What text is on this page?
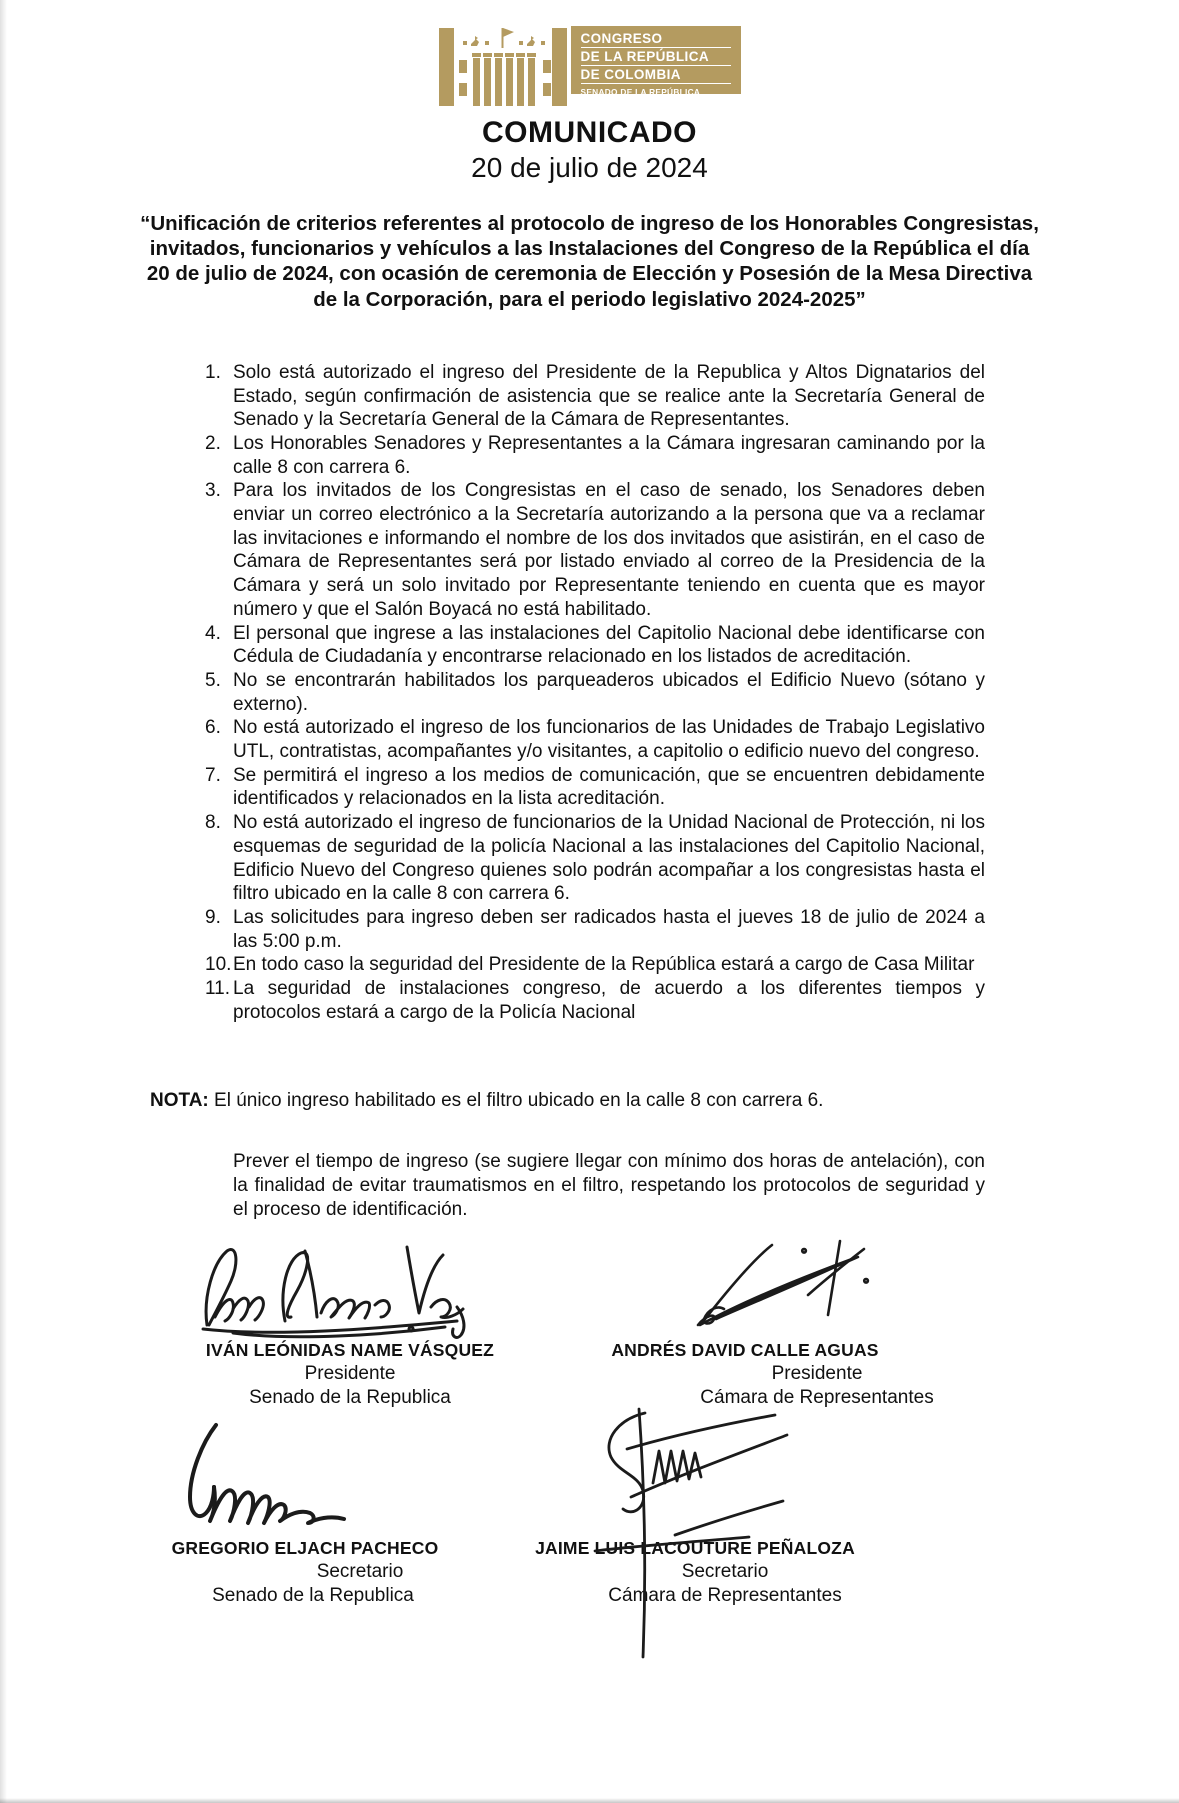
CONGRESO
DE LA REPÚBLICA
DE COLOMBIA
SENADO DE LA REPÚBLICA
COMUNICADO
20 de julio de 2024
“Unificación de criterios referentes al protocolo de ingreso de los Honorables Congresistas, invitados, funcionarios y vehículos a las Instalaciones del Congreso de la República el día 20 de julio de 2024, con ocasión de ceremonia de Elección y Posesión de la Mesa Directiva de la Corporación, para el periodo legislativo 2024-2025”
1. Solo está autorizado el ingreso del Presidente de la Republica y Altos Dignatarios del Estado, según confirmación de asistencia que se realice ante la Secretaría General de Senado y la Secretaría General de la Cámara de Representantes.
2. Los Honorables Senadores y Representantes a la Cámara ingresaran caminando por la calle 8 con carrera 6.
3. Para los invitados de los Congresistas en el caso de senado, los Senadores deben enviar un correo electrónico a la Secretaría autorizando a la persona que va a reclamar las invitaciones e informando el nombre de los dos invitados que asistirán, en el caso de Cámara de Representantes será por listado enviado al correo de la Presidencia de la Cámara y será un solo invitado por Representante teniendo en cuenta que es mayor número y que el Salón Boyacá no está habilitado.
4. El personal que ingrese a las instalaciones del Capitolio Nacional debe identificarse con Cédula de Ciudadanía y encontrarse relacionado en los listados de acreditación.
5. No se encontrarán habilitados los parqueaderos ubicados el Edificio Nuevo (sótano y externo).
6. No está autorizado el ingreso de los funcionarios de las Unidades de Trabajo Legislativo UTL, contratistas, acompañantes y/o visitantes, a capitolio o edificio nuevo del congreso.
7. Se permitirá el ingreso a los medios de comunicación, que se encuentren debidamente identificados y relacionados en la lista acreditación.
8. No está autorizado el ingreso de funcionarios de la Unidad Nacional de Protección, ni los esquemas de seguridad de la policía Nacional a las instalaciones del Capitolio Nacional, Edificio Nuevo del Congreso quienes solo podrán acompañar a los congresistas hasta el filtro ubicado en la calle 8 con carrera 6.
9. Las solicitudes para ingreso deben ser radicados hasta el jueves 18 de julio de 2024 a las 5:00 p.m.
10. En todo caso la seguridad del Presidente de la República estará a cargo de Casa Militar
11. La seguridad de instalaciones congreso, de acuerdo a los diferentes tiempos y protocolos estará a cargo de la Policía Nacional
NOTA: El único ingreso habilitado es el filtro ubicado en la calle 8 con carrera 6.
Prever el tiempo de ingreso (se sugiere llegar con mínimo dos horas de antelación), con la finalidad de evitar traumatismos en el filtro, respetando los protocolos de seguridad y el proceso de identificación.
IVÁN LEÓNIDAS NAME VÁSQUEZ
Presidente
Senado de la Republica
ANDRÉS DAVID CALLE AGUAS
Presidente
Cámara de Representantes
GREGORIO ELJACH PACHECO
Secretario
Senado de la Republica
JAIME LUIS LACOUTURE PEÑALOZA
Secretario
Cámara de Representantes
